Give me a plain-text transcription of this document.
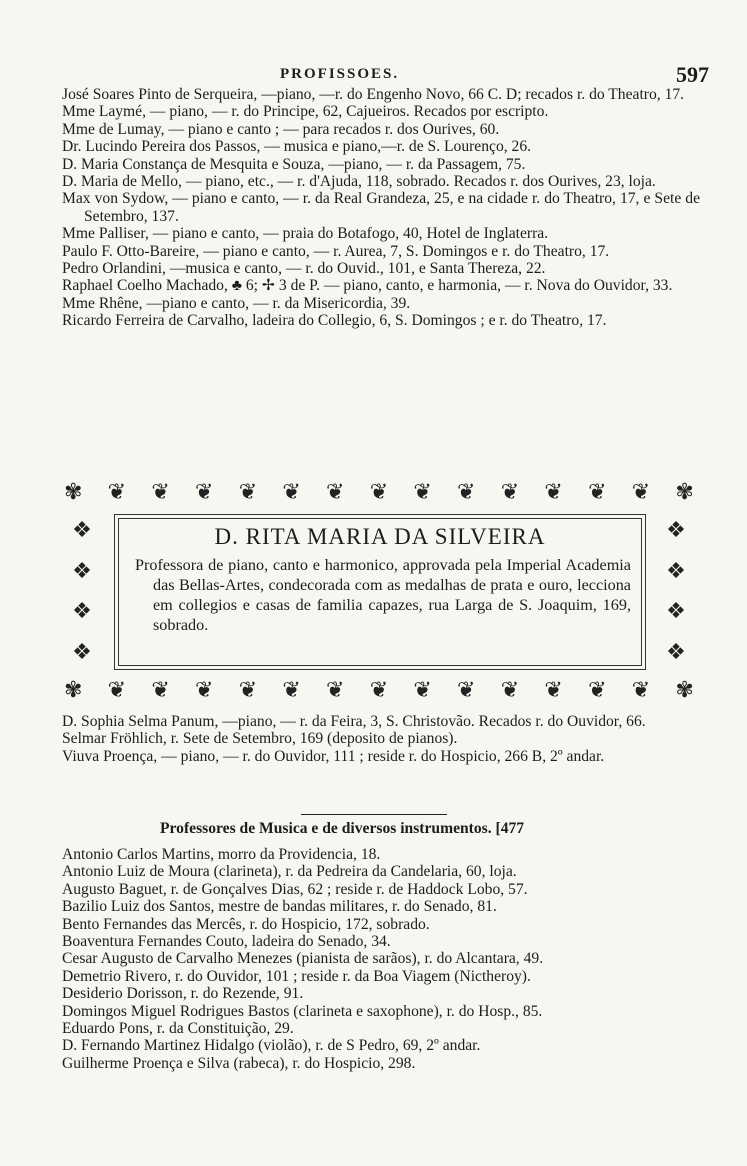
PROFISSOES.	597

José Soares Pinto de Serqueira, —piano, —r. do Engenho Novo, 66 C. D; recados r. do Theatro, 17.

Mme Laymé, — piano, — r. do Principe, 62, Cajueiros. Recados por escripto.

Mme de Lumay, — piano e canto ; — para recados r. dos Ourives, 60.

Dr. Lucindo Pereira dos Passos, — musica e piano,—r. de S. Lourenço, 26.

D. Maria Constança de Mesquita e Souza, —piano, — r. da Passagem, 75.

D. Maria de Mello, — piano, etc., — r. d'Ajuda, 118, sobrado. Recados r. dos Ourives, 23, loja.

Max von Sydow, — piano e canto, — r. da Real Grandeza, 25, e na cidade r. do Theatro, 17, e Sete de Setembro, 137.

Mme Palliser, — piano e canto, — praia do Botafogo, 40, Hotel de Inglaterra.

Paulo F. Otto-Bareire, — piano e canto, — r. Aurea, 7, S. Domingos e r. do Theatro, 17.

Pedro Orlandini, —musica e canto, — r. do Ouvid., 101, e Santa Thereza, 22.

Raphael Coelho Machado, ♣ 6; ✢ 3 de P. — piano, canto, e harmonia, — r. Nova do Ouvidor, 33.

Mme Rhêne, —piano e canto, — r. da Misericordia, 39.

Ricardo Ferreira de Carvalho, ladeira do Collegio, 6, S. Domingos ; e r. do Theatro, 17.

✾ ❦ ❦ ❦ ❦ ❦ ❦ ❦ ❦ ❦ ❦ ❦ ❦ ❦ ✾
❖
❖
❖
❖
❖
❖
❖
❖
D. RITA MARIA DA SILVEIRA
Professora de piano, canto e harmonico, approvada pela Imperial Academia das Bellas-Artes, condecorada com as medalhas de prata e ouro, lecciona em collegios e casas de familia capazes, rua Larga de S. Joaquim, 169, sobrado.
✾ ❦ ❦ ❦ ❦ ❦ ❦ ❦ ❦ ❦ ❦ ❦ ❦ ❦ ✾

D. Sophia Selma Panum, —piano, — r. da Feira, 3, S. Christovão. Recados r. do Ouvidor, 66.

Selmar Fröhlich, r. Sete de Setembro, 169 (deposito de pianos).

Viuva Proença, — piano, — r. do Ouvidor, 111 ; reside r. do Hospicio, 266 B, 2º andar.

Professores de Musica e de diversos instrumentos. [477

Antonio Carlos Martins, morro da Providencia, 18.

Antonio Luiz de Moura (clarineta), r. da Pedreira da Candelaria, 60, loja.

Augusto Baguet, r. de Gonçalves Dias, 62 ; reside r. de Haddock Lobo, 57.

Bazilio Luiz dos Santos, mestre de bandas militares, r. do Senado, 81.

Bento Fernandes das Mercês, r. do Hospicio, 172, sobrado.

Boaventura Fernandes Couto, ladeira do Senado, 34.

Cesar Augusto de Carvalho Menezes (pianista de sarãos), r. do Alcantara, 49.

Demetrio Rivero, r. do Ouvidor, 101 ; reside r. da Boa Viagem (Nictheroy).

Desiderio Dorisson, r. do Rezende, 91.

Domingos Miguel Rodrigues Bastos (clarineta e saxophone), r. do Hosp., 85.

Eduardo Pons, r. da Constituição, 29.

D. Fernando Martinez Hidalgo (violão), r. de S Pedro, 69, 2º andar.

Guilherme Proença e Silva (rabeca), r. do Hospicio, 298.
